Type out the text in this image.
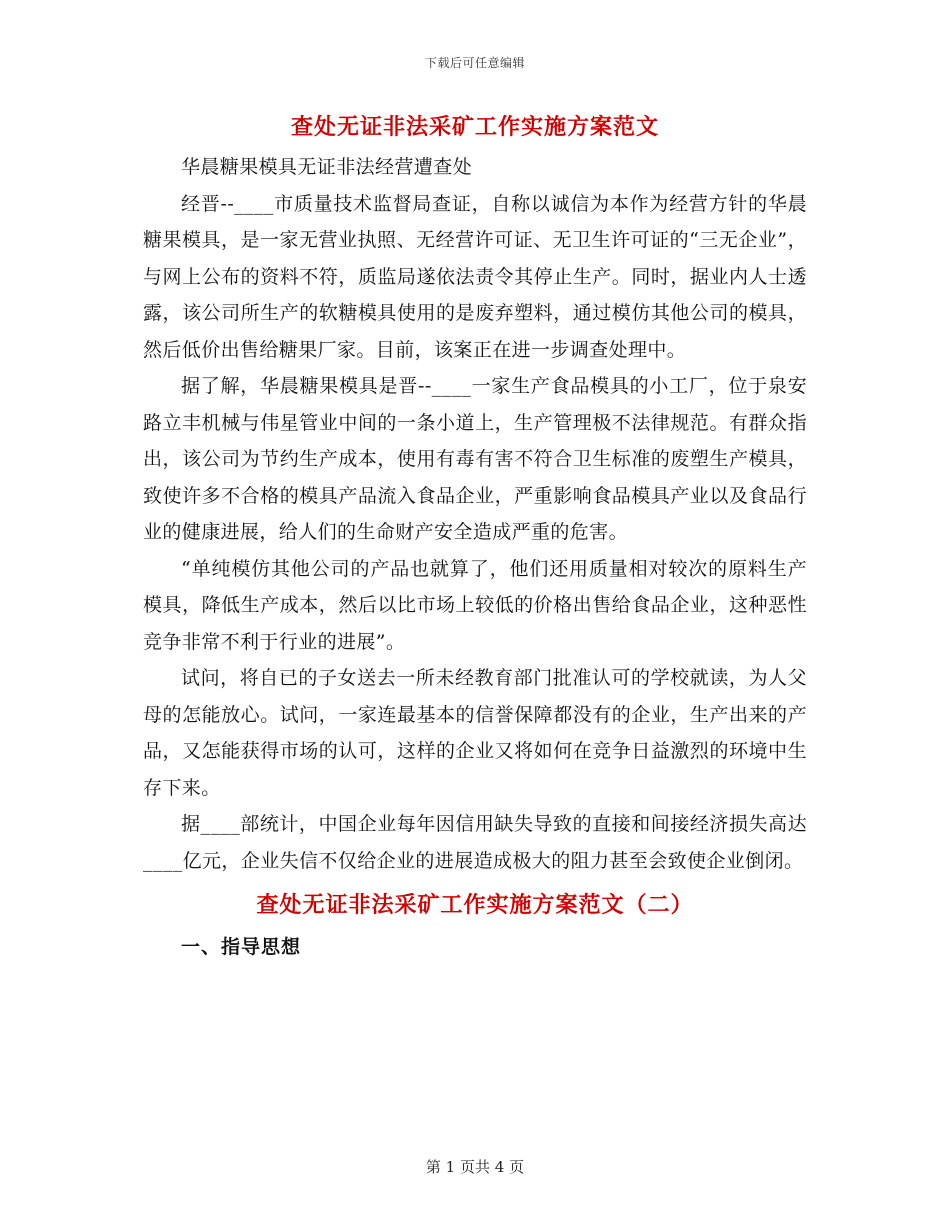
下载后可任意编辑
查处无证非法采矿工作实施方案范文

华晨糖果模具无证非法经营遭查处

经晋--____市质量技术监督局查证，自称以诚信为本作为经营方针的华晨糖果模具，是一家无营业执照、无经营许可证、无卫生许可证的“三无企业”，与网上公布的资料不符，质监局遂依法责令其停止生产。同时，据业内人士透露，该公司所生产的软糖模具使用的是废弃塑料，通过模仿其他公司的模具，然后低价出售给糖果厂家。目前，该案正在进一步调查处理中。

据了解，华晨糖果模具是晋--____一家生产食品模具的小工厂，位于泉安路立丰机械与伟星管业中间的一条小道上，生产管理极不法律规范。有群众指出，该公司为节约生产成本，使用有毒有害不符合卫生标准的废塑生产模具，致使许多不合格的模具产品流入食品企业，严重影响食品模具产业以及食品行业的健康进展，给人们的生命财产安全造成严重的危害。

“单纯模仿其他公司的产品也就算了，他们还用质量相对较次的原料生产模具，降低生产成本，然后以比市场上较低的价格出售给食品企业，这种恶性竞争非常不利于行业的进展”。

试问，将自已的子女送去一所未经教育部门批准认可的学校就读，为人父母的怎能放心。试问，一家连最基本的信誉保障都没有的企业，生产出来的产品，又怎能获得市场的认可，这样的企业又将如何在竞争日益激烈的环境中生存下来。

据____部统计，中国企业每年因信用缺失导致的直接和间接经济损失高达____亿元，企业失信不仅给企业的进展造成极大的阻力甚至会致使企业倒闭。

查处无证非法采矿工作实施方案范文（二）
一、指导思想
第 1 页共 4 页
